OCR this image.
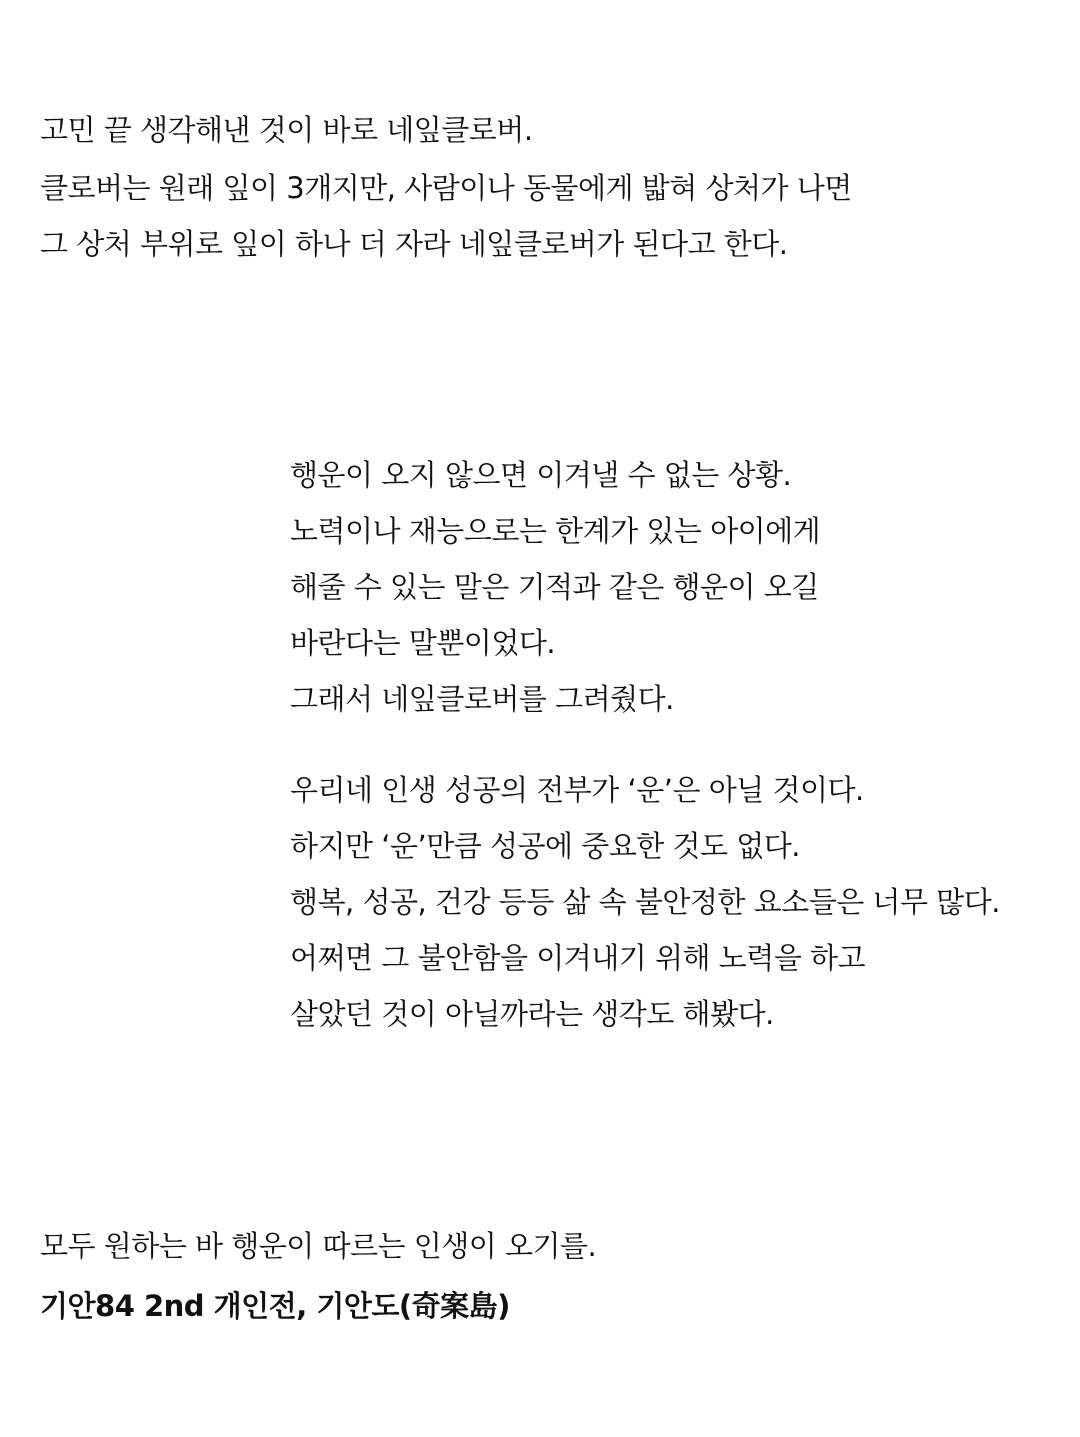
고민 끝 생각해낸 것이 바로 네잎클로버.
클로버는 원래 잎이 3개지만, 사람이나 동물에게 밟혀 상처가 나면
그 상처 부위로 잎이 하나 더 자라 네잎클로버가 된다고 한다.
행운이 오지 않으면 이겨낼 수 없는 상황.
노력이나 재능으로는 한계가 있는 아이에게
해줄 수 있는 말은 기적과 같은 행운이 오길
바란다는 말뿐이었다.
그래서 네잎클로버를 그려줬다.
우리네 인생 성공의 전부가 ‘운’은 아닐 것이다.
하지만 ‘운’만큼 성공에 중요한 것도 없다.
행복, 성공, 건강 등등 삶 속 불안정한 요소들은 너무 많다.
어쩌면 그 불안함을 이겨내기 위해 노력을 하고
살았던 것이 아닐까라는 생각도 해봤다.
모두 원하는 바 행운이 따르는 인생이 오기를.
기안84 2nd 개인전, 기안도(奇案島)
